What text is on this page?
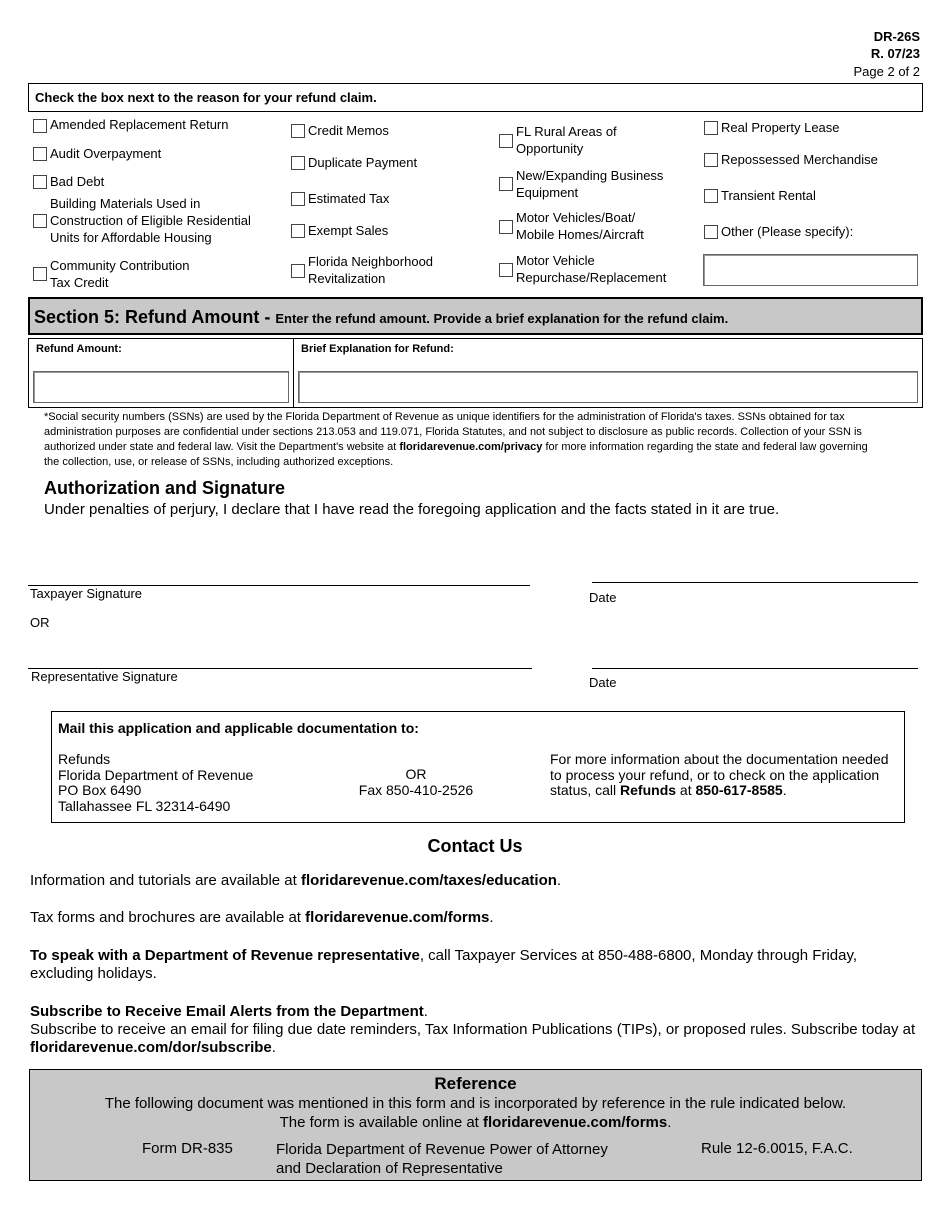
DR-26S
R. 07/23
Page 2 of 2
Check the box next to the reason for your refund claim.
Amended Replacement Return
Audit Overpayment
Bad Debt
Building Materials Used in
Construction of Eligible Residential
Units for Affordable Housing
Community Contribution
Tax Credit
Credit Memos
Duplicate Payment
Estimated Tax
Exempt Sales
Florida Neighborhood
Revitalization
FL Rural Areas of
Opportunity
New/Expanding Business
Equipment
Motor Vehicles/Boat/
Mobile Homes/Aircraft
Motor Vehicle
Repurchase/Replacement
Real Property Lease
Repossessed Merchandise
Transient Rental
Other (Please specify):
Section 5: Refund Amount - Enter the refund amount. Provide a brief explanation for the refund claim.
Refund Amount:	Brief Explanation for Refund:
*Social security numbers (SSNs) are used by the Florida Department of Revenue as unique identifiers for the administration of Florida's taxes. SSNs obtained for tax administration purposes are confidential under sections 213.053 and 119.071, Florida Statutes, and not subject to disclosure as public records. Collection of your SSN is authorized under state and federal law. Visit the Department's website at floridarevenue.com/privacy for more information regarding the state and federal law governing the collection, use, or release of SSNs, including authorized exceptions.
Authorization and Signature
Under penalties of perjury, I declare that I have read the foregoing application and the facts stated in it are true.
Taxpayer Signature	Date
OR
Representative Signature	Date
Mail this application and applicable documentation to:
Refunds
Florida Department of Revenue
PO Box 6490
Tallahassee FL 32314-6490
OR
Fax 850-410-2526
For more information about the documentation needed to process your refund, or to check on the application status, call Refunds at 850-617-8585.
Contact Us
Information and tutorials are available at floridarevenue.com/taxes/education.
Tax forms and brochures are available at floridarevenue.com/forms.
To speak with a Department of Revenue representative, call Taxpayer Services at 850-488-6800, Monday through Friday, excluding holidays.
Subscribe to Receive Email Alerts from the Department.
Subscribe to receive an email for filing due date reminders, Tax Information Publications (TIPs), or proposed rules. Subscribe today at floridarevenue.com/dor/subscribe.
Reference
The following document was mentioned in this form and is incorporated by reference in the rule indicated below.
The form is available online at floridarevenue.com/forms.
Form DR-835	Florida Department of Revenue Power of Attorney
and Declaration of Representative
Rule 12-6.0015, F.A.C.
